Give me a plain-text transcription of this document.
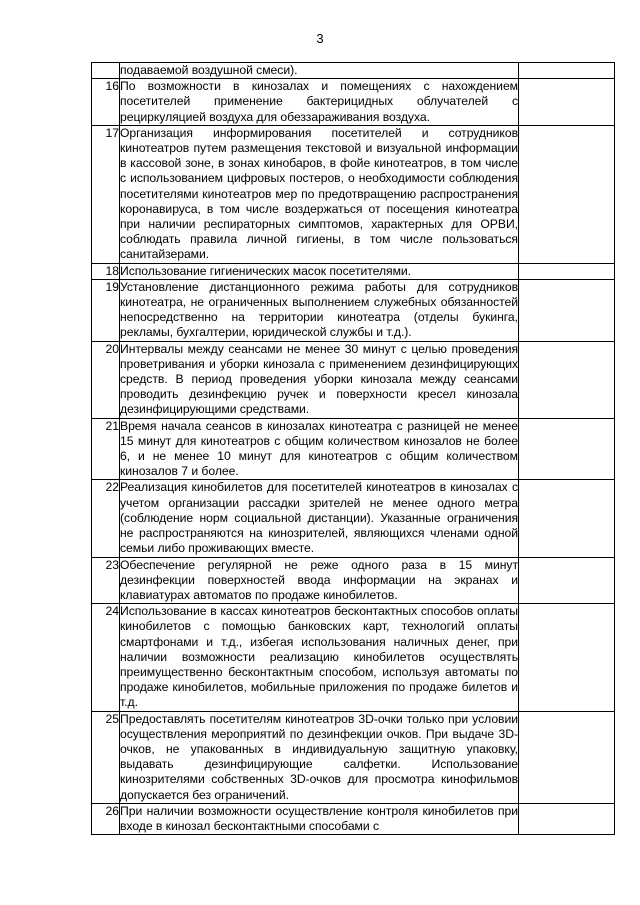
3
	подаваемой воздушной смеси).	
16	По возможности в кинозалах и помещениях с нахождением посетителей применение бактерицидных облучателей с рециркуляцией воздуха для обеззараживания воздуха.	
17	Организация информирования посетителей и сотрудников кинотеатров путем размещения текстовой и визуальной информации в кассовой зоне, в зонах кинобаров, в фойе кинотеатров, в том числе с использованием цифровых постеров, о необходимости соблюдения посетителями кинотеатров мер по предотвращению распространения коронавируса, в том числе воздержаться от посещения кинотеатра при наличии респираторных симптомов, характерных для ОРВИ, соблюдать правила личной гигиены, в том числе пользоваться санитайзерами.	
18	Использование гигиенических масок посетителями.	
19	Установление дистанционного режима работы для сотрудников кинотеатра, не ограниченных выполнением служебных обязанностей непосредственно на территории кинотеатра (отделы букинга, рекламы, бухгалтерии, юридической службы и т.д.).	
20	Интервалы между сеансами не менее 30 минут с целью проведения проветривания и уборки кинозала с применением дезинфицирующих средств. В период проведения уборки кинозала между сеансами проводить дезинфекцию ручек и поверхности кресел кинозала дезинфицирующими средствами.	
21	Время начала сеансов в кинозалах кинотеатра с разницей не менее 15 минут для кинотеатров с общим количеством кинозалов не более 6, и не менее 10 минут для кинотеатров с общим количеством кинозалов 7 и более.	
22	Реализация кинобилетов для посетителей кинотеатров в кинозалах с учетом организации рассадки зрителей не менее одного метра (соблюдение норм социальной дистанции). Указанные ограничения не распространяются на кинозрителей, являющихся членами одной семьи либо проживающих вместе.	
23	Обеспечение регулярной не реже одного раза в 15 минут дезинфекции поверхностей ввода информации на экранах и клавиатурах автоматов по продаже кинобилетов.	
24	Использование в кассах кинотеатров бесконтактных способов оплаты кинобилетов с помощью банковских карт, технологий оплаты смартфонами и т.д., избегая использования наличных денег, при наличии возможности реализацию кинобилетов осуществлять преимущественно бесконтактным способом, используя автоматы по продаже кинобилетов, мобильные приложения по продаже билетов и т.д.	
25	Предоставлять посетителям кинотеатров 3D-очки только при условии осуществления мероприятий по дезинфекции очков. При выдаче 3D-очков, не упакованных в индивидуальную защитную упаковку, выдавать дезинфицирующие салфетки. Использование кинозрителями собственных 3D-очков для просмотра кинофильмов допускается без ограничений.	
26	При наличии возможности осуществление контроля кинобилетов при входе в кинозал бесконтактными способами с	
